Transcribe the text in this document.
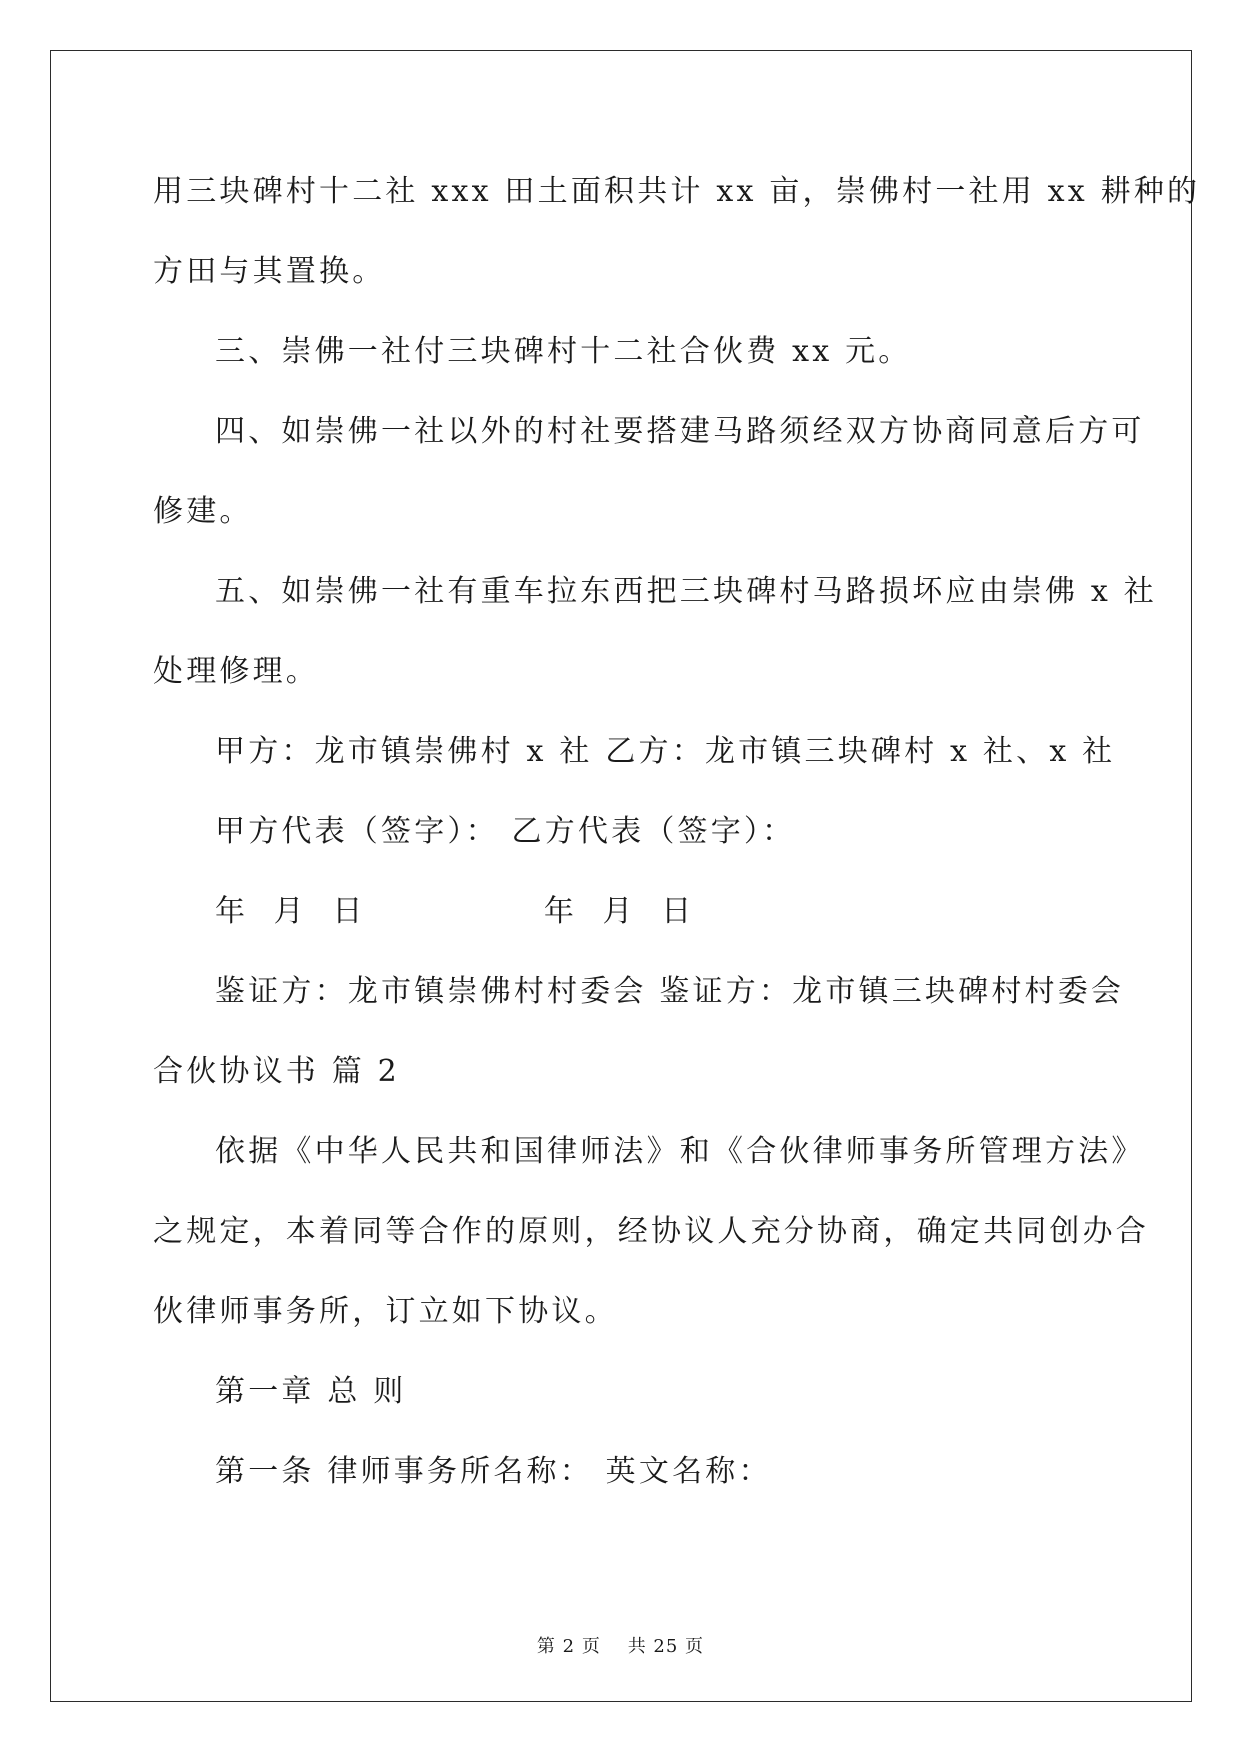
用三块碑村十二社 xxx 田土面积共计 xx 亩，崇佛村一社用 xx 耕种的
方田与其置换。
三、崇佛一社付三块碑村十二社合伙费 xx 元。
四、如崇佛一社以外的村社要搭建马路须经双方协商同意后方可
修建。
五、如崇佛一社有重车拉东西把三块碑村马路损坏应由崇佛 x 社
处理修理。
甲方：龙市镇崇佛村 x 社 乙方：龙市镇三块碑村 x 社、x 社
甲方代表（签字）： 乙方代表（签字）：
年  月  日              年  月  日
鉴证方：龙市镇崇佛村村委会 鉴证方：龙市镇三块碑村村委会
合伙协议书 篇 2
依据《中华人民共和国律师法》和《合伙律师事务所管理方法》
之规定，本着同等合作的原则，经协议人充分协商，确定共同创办合
伙律师事务所，订立如下协议。
第一章 总 则
第一条 律师事务所名称： 英文名称：
第 2 页    共 25 页
